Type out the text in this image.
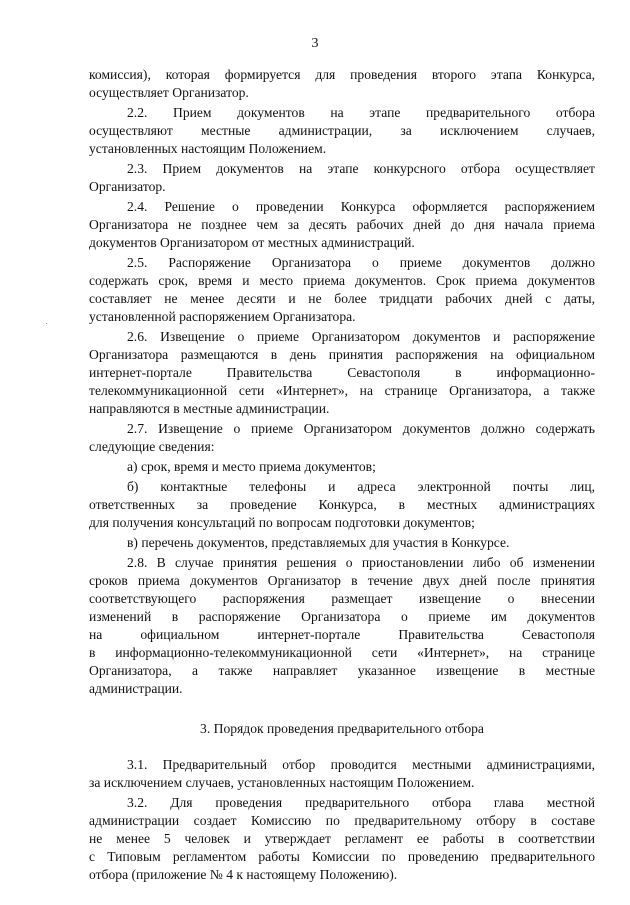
3
комиссия), которая формируется для проведения второго этапа Конкурса,
осуществляет Организатор.
2.2. Прием документов на этапе предварительного отбора
осуществляют местные администрации, за исключением случаев,
установленных настоящим Положением.
2.3. Прием документов на этапе конкурсного отбора осуществляет
Организатор.
2.4. Решение о проведении Конкурса оформляется распоряжением
Организатора не позднее чем за десять рабочих дней до дня начала приема
документов Организатором от местных администраций.
2.5. Распоряжение Организатора о приеме документов должно
содержать срок, время и место приема документов. Срок приема документов
составляет не менее десяти и не более тридцати рабочих дней с даты,
установленной распоряжением Организатора.
2.6. Извещение о приеме Организатором документов и распоряжение
Организатора размещаются в день принятия распоряжения на официальном
интернет-портале Правительства Севастополя в информационно-
телекоммуникационной сети «Интернет», на странице Организатора, а также
направляются в местные администрации.
2.7. Извещение о приеме Организатором документов должно содержать
следующие сведения:
а) срок, время и место приема документов;
б) контактные телефоны и адреса электронной почты лиц,
ответственных за проведение Конкурса, в местных администрациях
для получения консультаций по вопросам подготовки документов;
в) перечень документов, представляемых для участия в Конкурсе.
2.8. В случае принятия решения о приостановлении либо об изменении
сроков приема документов Организатор в течение двух дней после принятия
соответствующего распоряжения размещает извещение о внесении
изменений в распоряжение Организатора о приеме им документов
на официальном интернет-портале Правительства Севастополя
в информационно-телекоммуникационной сети «Интернет», на странице
Организатора, а также направляет указанное извещение в местные
администрации.
3. Порядок проведения предварительного отбора
3.1. Предварительный отбор проводится местными администрациями,
за исключением случаев, установленных настоящим Положением.
3.2. Для проведения предварительного отбора глава местной
администрации создает Комиссию по предварительному отбору в составе
не менее 5 человек и утверждает регламент ее работы в соответствии
с Типовым регламентом работы Комиссии по проведению предварительного
отбора (приложение № 4 к настоящему Положению).
